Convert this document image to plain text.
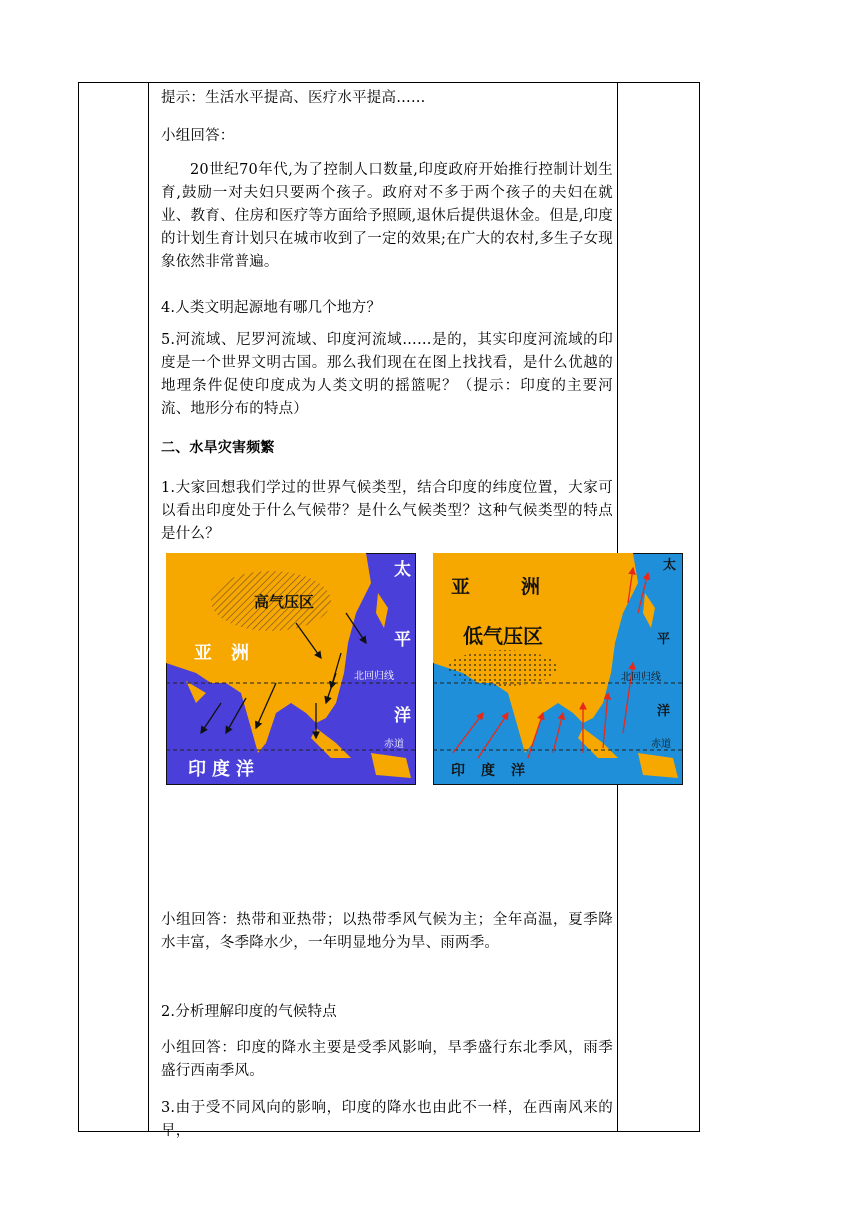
提示：生活水平提高、医疗水平提高……
小组回答：
20世纪70年代,为了控制人口数量,印度政府开始推行控制计划生育,鼓励一对夫妇只要两个孩子。政府对不多于两个孩子的夫妇在就业、教育、住房和医疗等方面给予照顾,退休后提供退休金。但是,印度的计划生育计划只在城市收到了一定的效果;在广大的农村,多生子女现象依然非常普遍。
4.人类文明起源地有哪几个地方？
5.河流域、尼罗河流域、印度河流域……是的，其实印度河流域的印度是一个世界文明古国。那么我们现在在图上找找看，是什么优越的地理条件促使印度成为人类文明的摇篮呢？（提示：印度的主要河流、地形分布的特点）
二、水旱灾害频繁
1.大家回想我们学过的世界气候类型，结合印度的纬度位置，大家可以看出印度处于什么气候带？是什么气候类型？这种气候类型的特点是什么？
小组回答：热带和亚热带；以热带季风气候为主；全年高温，夏季降水丰富，冬季降水少，一年明显地分为旱、雨两季。
2.分析理解印度的气候特点
小组回答：印度的降水主要是受季风影响，旱季盛行东北季风，雨季盛行西南季风。
3.由于受不同风向的影响，印度的降水也由此不一样，在西南风来的早，
高气压区
亚 洲
太
平
洋
北回归线
赤道
印度洋
亚	洲
低气压区
太
平
洋
北回归线
赤道
印 度 洋
